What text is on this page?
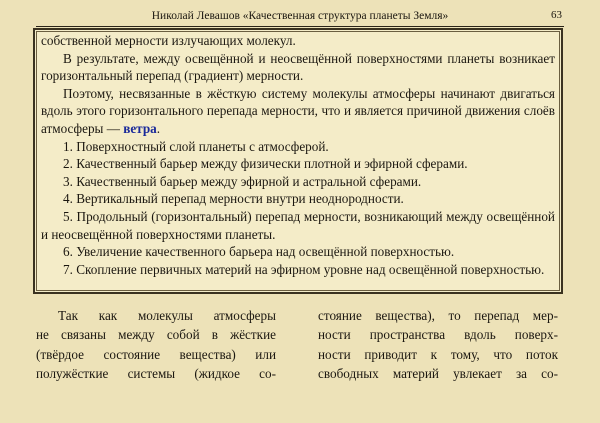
Николай Левашов «Качественная структура планеты Земля»	63

собственной мерности излучающих молекул.

В результате, между освещённой и неосвещённой поверхностями планеты возникает горизонтальный перепад (градиент) мерности.

Поэтому, несвязанные в жёсткую систему молекулы атмосферы начинают двигаться вдоль этого горизонтального перепада мерности, что и является причиной движения слоёв атмосферы — ветра.

1. Поверхностный слой планеты с атмосферой.

2. Качественный барьер между физически плотной и эфирной сферами.

3. Качественный барьер между эфирной и астральной сферами.

4. Вертикальный перепад мерности внутри неоднородности.

5. Продольный (горизонтальный) перепад мерности, возникающий между освещённой и неосвещённой поверхностями планеты.

6. Увеличение качественного барьера над освещённой поверхностью.

7. Скопление первичных материй на эфирном уровне над освещённой поверхностью.

Так как молекулы атмосферы
не связаны между собой в жёсткие
(твёрдое состояние вещества) или
полужёсткие системы (жидкое со-
стояние вещества), то перепад мер-
ности пространства вдоль поверх-
ности приводит к тому, что поток
свободных материй увлекает за со-
